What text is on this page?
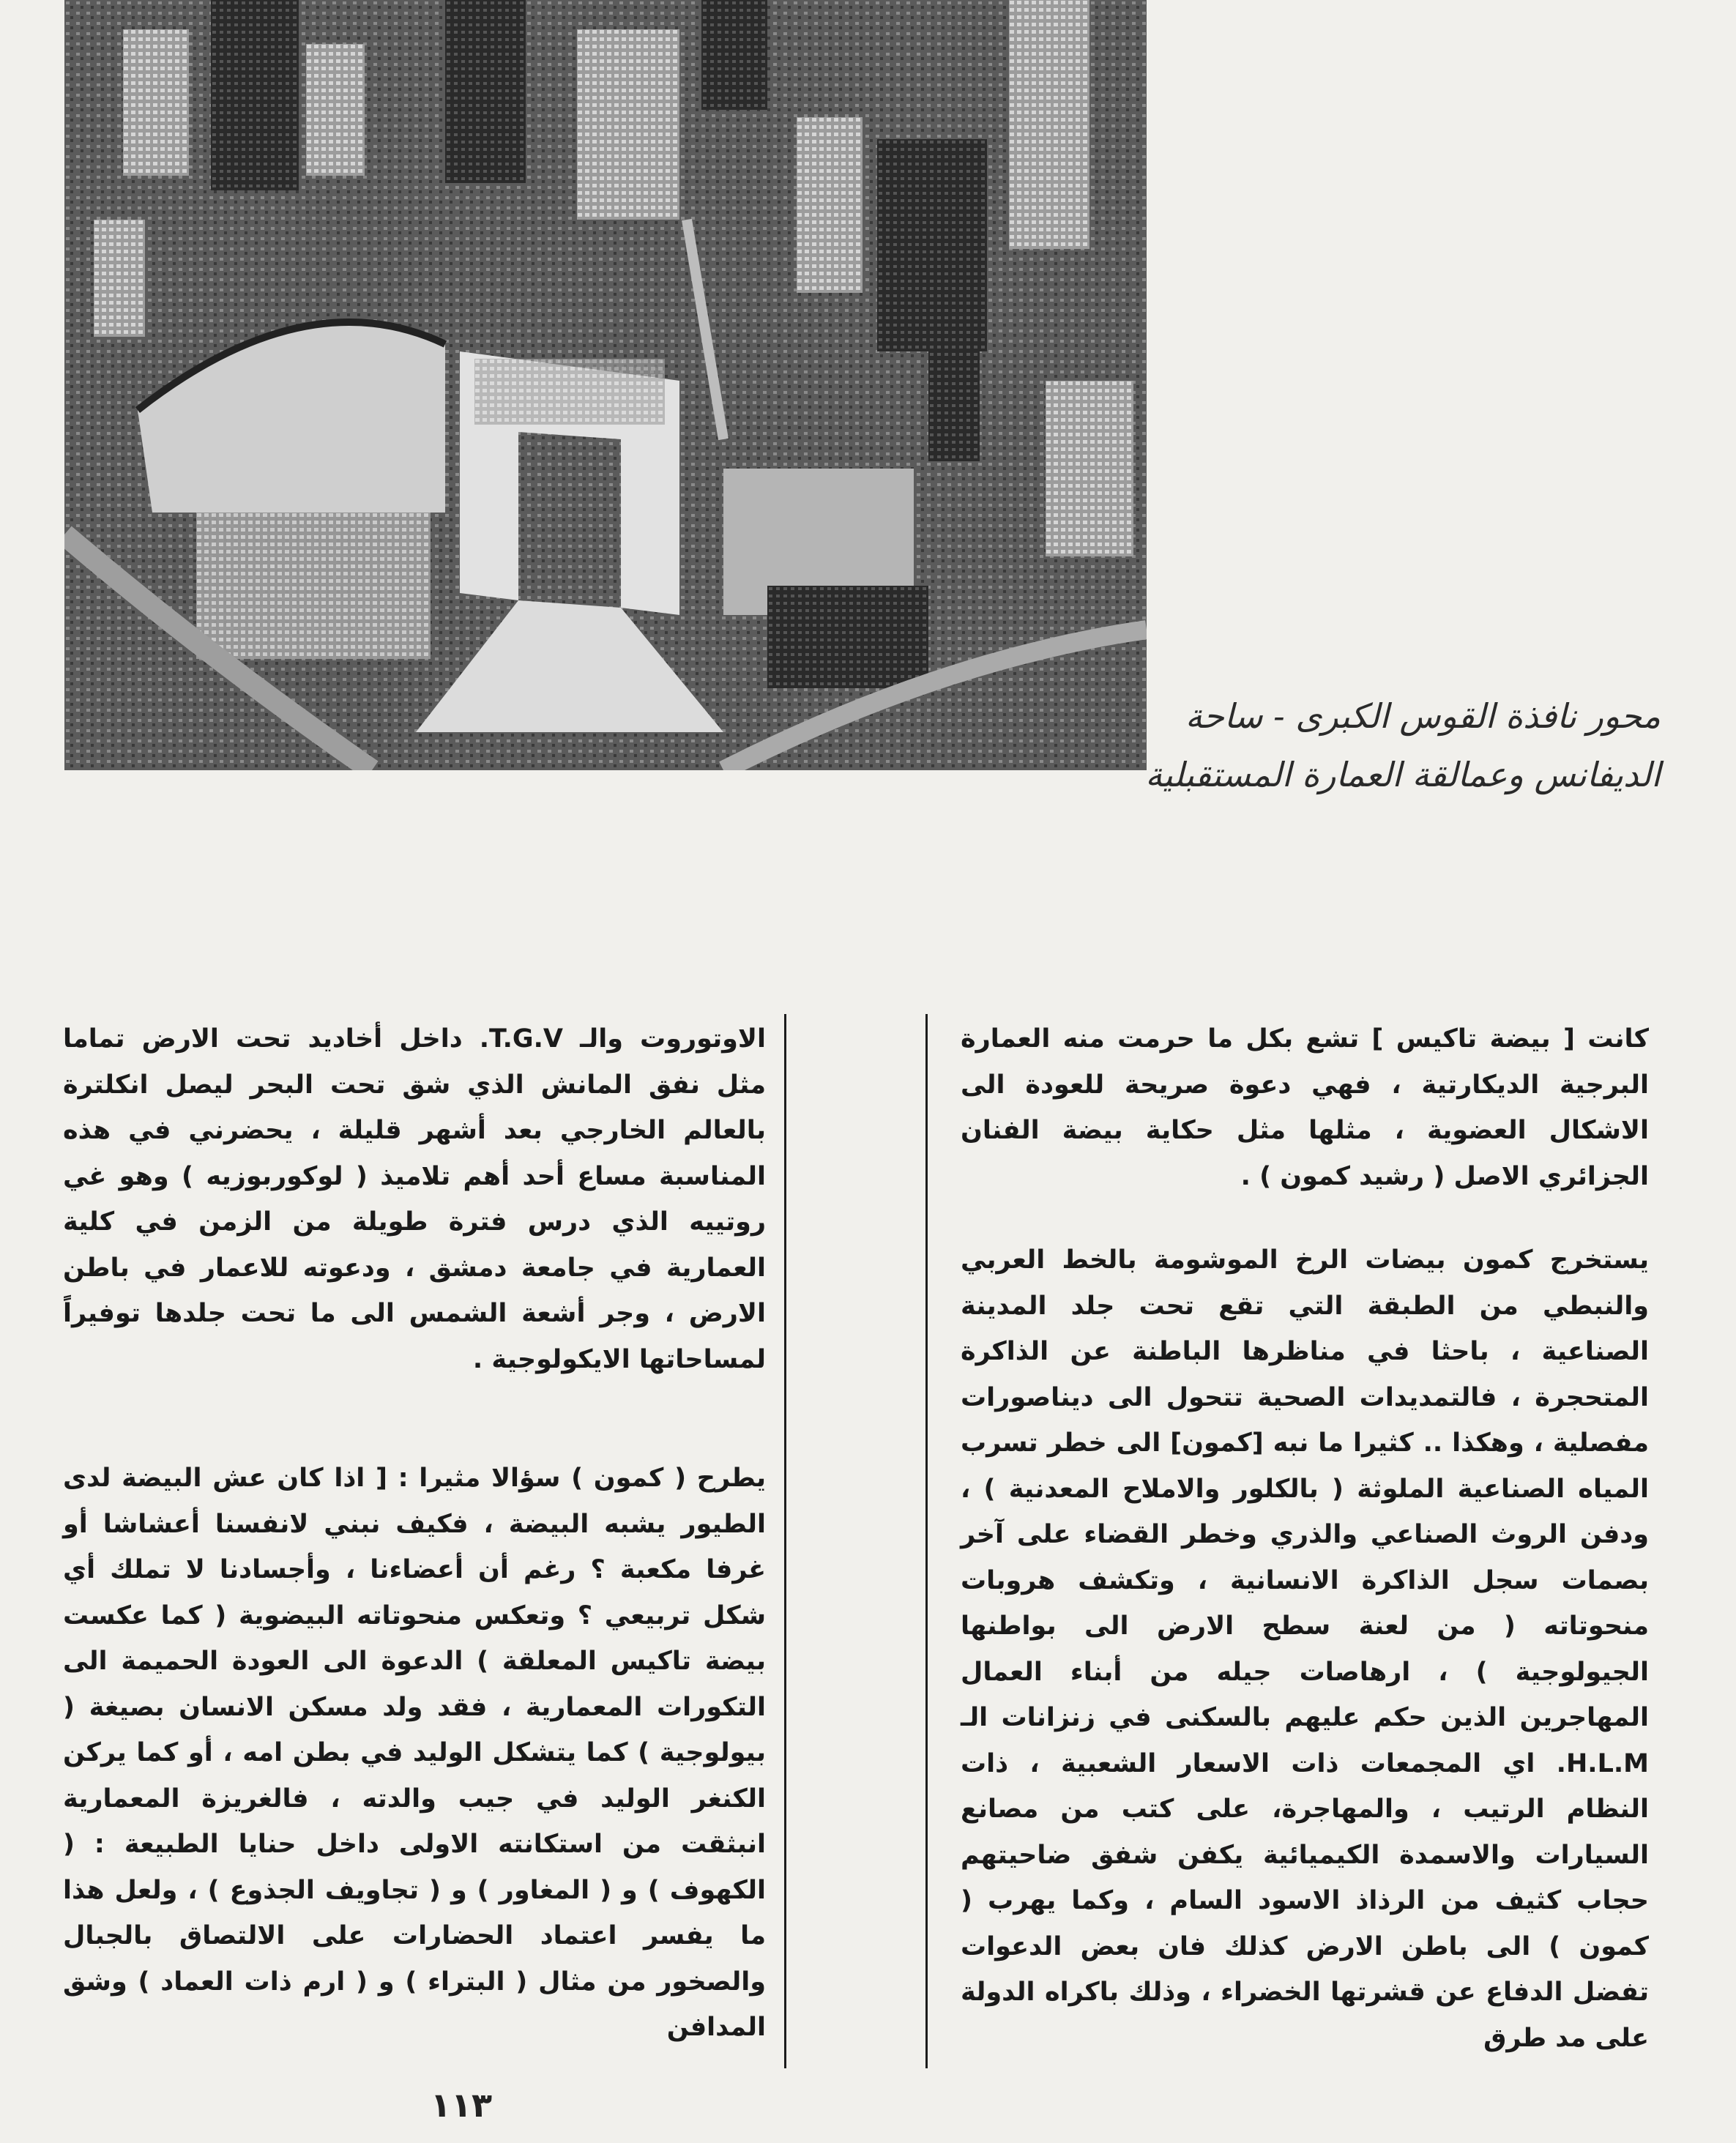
محور نافذة القوس الكبرى - ساحة
الديفانس وعمالقة العمارة المستقبلية

كانت [ بيضة تاكيس ] تشع بكل ما حرمت منه العمارة البرجية الديكارتية ، فهي دعوة صريحة للعودة الى الاشكال العضوية ، مثلها مثل حكاية بيضة الفنان الجزائري الاصل ( رشيد كمون ) .

يستخرج كمون بيضات الرخ الموشومة بالخط العربي والنبطي من الطبقة التي تقع تحت جلد المدينة الصناعية ، باحثا في مناظرها الباطنة عن الذاكرة المتحجرة ، فالتمديدات الصحية تتحول الى ديناصورات مفصلية ، وهكذا .. كثيرا ما نبه [كمون] الى خطر تسرب المياه الصناعية الملوثة ( بالكلور والاملاح المعدنية ) ، ودفن الروث الصناعي والذري وخطر القضاء على آخر بصمات سجل الذاكرة الانسانية ، وتكشف هروبات منحوتاته ( من لعنة سطح الارض الى بواطنها الجيولوجية ) ، ارهاصات جيله من أبناء العمال المهاجرين الذين حكم عليهم بالسكنى في زنزانات الـ H.L.M. اي المجمعات ذات الاسعار الشعبية ، ذات النظام الرتيب ، والمهاجرة، على كتب من مصانع السيارات والاسمدة الكيميائية يكفن شفق ضاحيتهم حجاب كثيف من الرذاذ الاسود السام ، وكما يهرب ( كمون ) الى باطن الارض كذلك فان بعض الدعوات تفضل الدفاع عن قشرتها الخضراء ، وذلك باكراه الدولة على مد طرق

الاوتوروت والـ T.G.V. داخل أخاديد تحت الارض تماما مثل نفق المانش الذي شق تحت البحر ليصل انكلترة بالعالم الخارجي بعد أشهر قليلة ، يحضرني في هذه المناسبة مساع أحد أهم تلاميذ ( لوكوربوزيه ) وهو غي روتييه الذي درس فترة طويلة من الزمن في كلية العمارية في جامعة دمشق ، ودعوته للاعمار في باطن الارض ، وجر أشعة الشمس الى ما تحت جلدها توفيراً لمساحاتها الايكولوجية .

يطرح ( كمون ) سؤالا مثيرا : [ اذا كان عش البيضة لدى الطيور يشبه البيضة ، فكيف نبني لانفسنا أعشاشا أو غرفا مكعبة ؟ رغم أن أعضاءنا ، وأجسادنا لا تملك أي شكل تربيعي ؟ وتعكس منحوتاته البيضوية ( كما عكست بيضة تاكيس المعلقة ) الدعوة الى العودة الحميمة الى التكورات المعمارية ، فقد ولد مسكن الانسان بصيغة ( بيولوجية ) كما يتشكل الوليد في بطن امه ، أو كما يركن الكنغر الوليد في جيب والدته ، فالغريزة المعمارية انبثقت من استكانته الاولى داخل حنايا الطبيعة : ( الكهوف ) و ( المغاور ) و ( تجاويف الجذوع ) ، ولعل هذا ما يفسر اعتماد الحضارات على الالتصاق بالجبال والصخور من مثال ( البتراء ) و ( ارم ذات العماد ) وشق المدافن

١١٣
